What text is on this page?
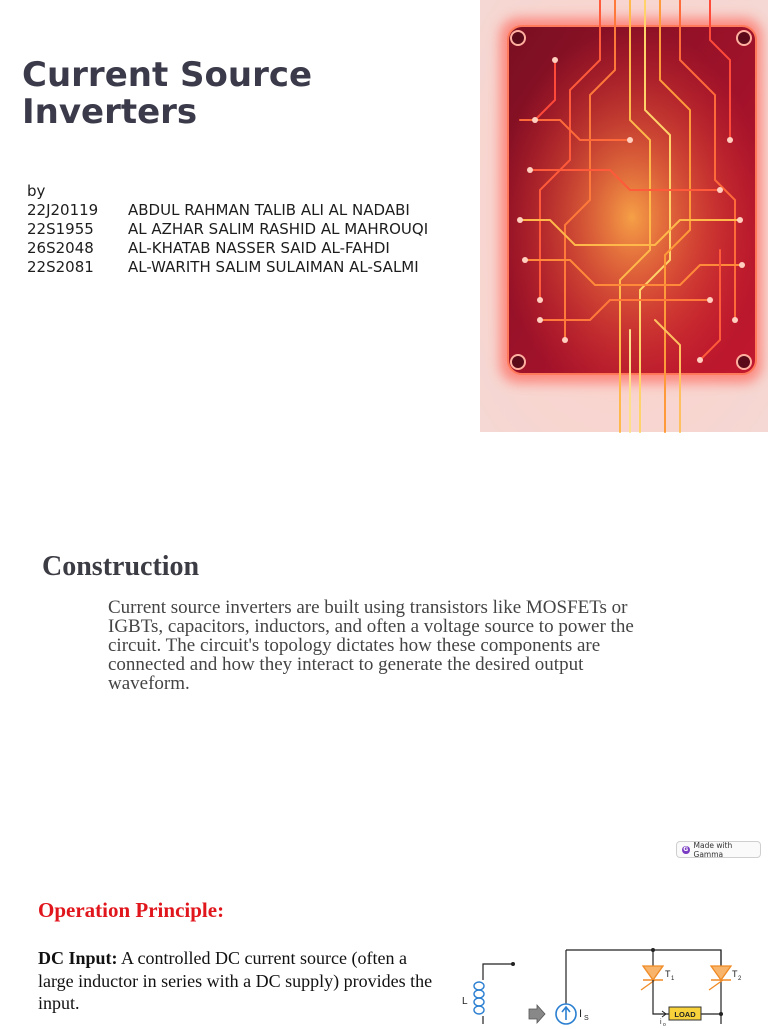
Current Source Inverters
by
22J20119	ABDUL RAHMAN TALIB ALI AL NADABI
22S1955	AL AZHAR SALIM RASHID AL MAHROUQI
26S2048	AL-KHATAB NASSER SAID AL-FAHDI
22S2081	AL-WARITH SALIM SULAIMAN AL-SALMI
Construction

Current source inverters are built using transistors like MOSFETs or IGBTs, capacitors, inductors, and often a voltage source to power the circuit. The circuit's topology dictates how these components are connected and how they interact to generate the desired output waveform.

G Made with Gamma
Operation Principle:

DC Input: A controlled DC current source (often a large inductor in series with a DC supply) provides the input.	L
I S
T 1	T 2
LOAD
i o
